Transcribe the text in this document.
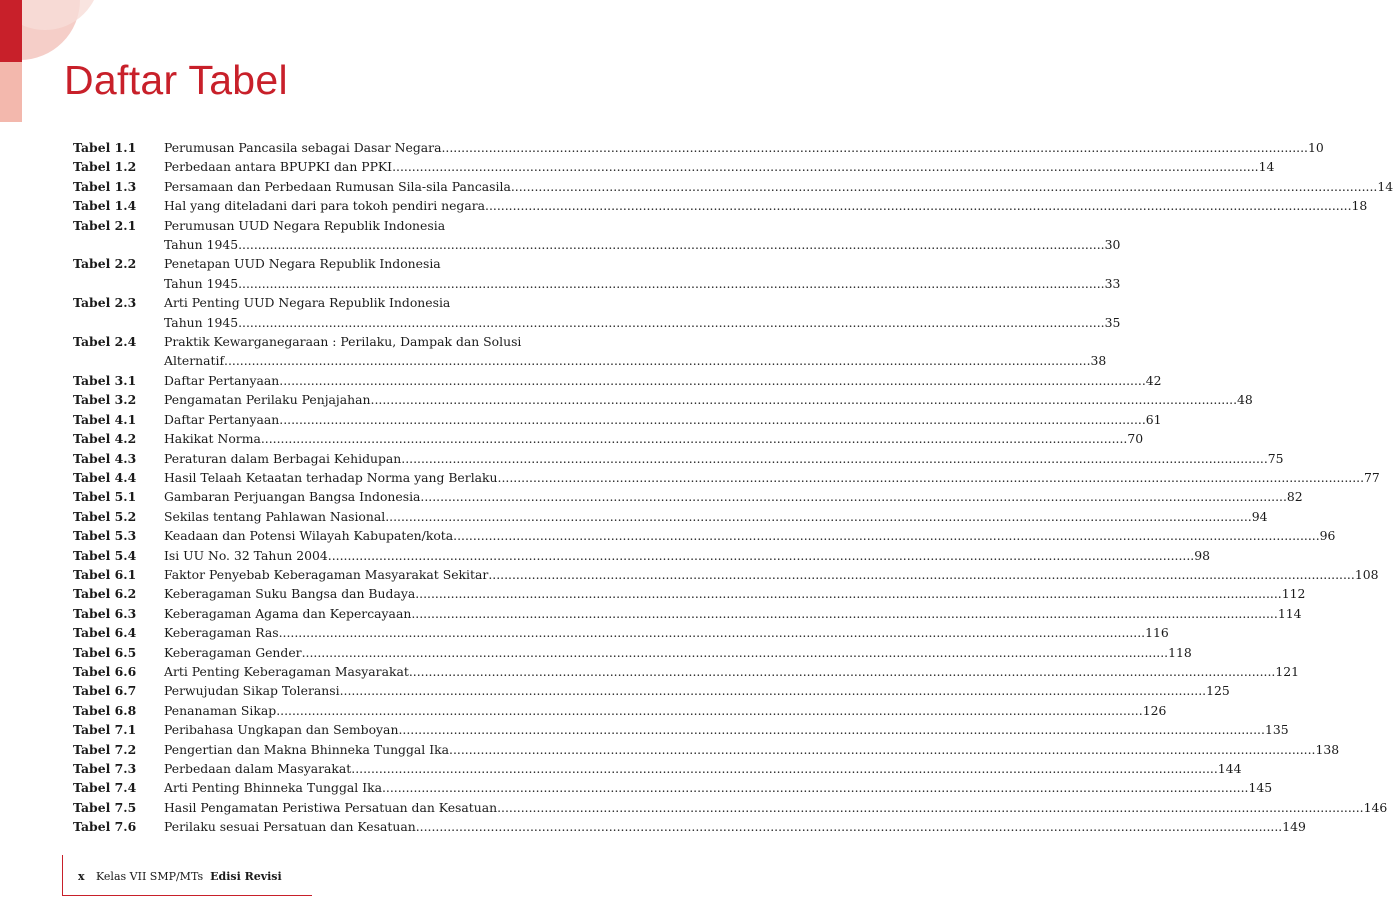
Daftar Tabel
Tabel 1.1	Perumusan Pancasila sebagai Dasar Negara ............................................................................................................................................................................................................................ 10
Tabel 1.2	Perbedaan antara BPUPKI dan PPKI ............................................................................................................................................................................................................................ 14
Tabel 1.3	Persamaan dan Perbedaan Rumusan Sila-sila Pancasila ............................................................................................................................................................................................................................ 14
Tabel 1.4	Hal yang diteladani dari para tokoh pendiri negara ............................................................................................................................................................................................................................ 18
Tabel 2.1	Perumusan UUD Negara Republik Indonesia
Tahun 1945 ............................................................................................................................................................................................................................ 30
Tabel 2.2	Penetapan UUD Negara Republik Indonesia
Tahun 1945 ............................................................................................................................................................................................................................ 33
Tabel 2.3	Arti Penting UUD Negara Republik Indonesia
Tahun 1945 ............................................................................................................................................................................................................................ 35
Tabel 2.4	Praktik Kewarganegaraan : Perilaku, Dampak dan Solusi
Alternatif ............................................................................................................................................................................................................................ 38
Tabel 3.1	Daftar Pertanyaan ............................................................................................................................................................................................................................ 42
Tabel 3.2	Pengamatan Perilaku Penjajahan ............................................................................................................................................................................................................................ 48
Tabel 4.1	Daftar Pertanyaan ............................................................................................................................................................................................................................ 61
Tabel 4.2	Hakikat Norma ............................................................................................................................................................................................................................ 70
Tabel 4.3	Peraturan dalam Berbagai Kehidupan ............................................................................................................................................................................................................................ 75
Tabel 4.4	Hasil Telaah Ketaatan terhadap Norma yang Berlaku ............................................................................................................................................................................................................................ 77
Tabel 5.1	Gambaran Perjuangan Bangsa Indonesia ............................................................................................................................................................................................................................ 82
Tabel 5.2	Sekilas tentang Pahlawan Nasional ............................................................................................................................................................................................................................ 94
Tabel 5.3	Keadaan dan Potensi Wilayah Kabupaten/kota ............................................................................................................................................................................................................................ 96
Tabel 5.4	Isi UU No. 32 Tahun 2004 ............................................................................................................................................................................................................................ 98
Tabel 6.1	Faktor Penyebab Keberagaman Masyarakat Sekitar ............................................................................................................................................................................................................................ 108
Tabel 6.2	Keberagaman Suku Bangsa dan Budaya ............................................................................................................................................................................................................................ 112
Tabel 6.3	Keberagaman Agama dan Kepercayaan ............................................................................................................................................................................................................................ 114
Tabel 6.4	Keberagaman Ras ............................................................................................................................................................................................................................ 116
Tabel 6.5	Keberagaman Gender ............................................................................................................................................................................................................................ 118
Tabel 6.6	Arti Penting Keberagaman Masyarakat ............................................................................................................................................................................................................................ 121
Tabel 6.7	Perwujudan Sikap Toleransi ............................................................................................................................................................................................................................ 125
Tabel 6.8	Penanaman Sikap ............................................................................................................................................................................................................................ 126
Tabel 7.1	Peribahasa Ungkapan dan Semboyan ............................................................................................................................................................................................................................ 135
Tabel 7.2	Pengertian dan Makna Bhinneka Tunggal Ika ............................................................................................................................................................................................................................ 138
Tabel 7.3	Perbedaan dalam Masyarakat ............................................................................................................................................................................................................................ 144
Tabel 7.4	Arti Penting Bhinneka Tunggal Ika ............................................................................................................................................................................................................................ 145
Tabel 7.5	Hasil Pengamatan Peristiwa Persatuan dan Kesatuan ............................................................................................................................................................................................................................ 146
Tabel 7.6	Perilaku sesuai Persatuan dan Kesatuan ............................................................................................................................................................................................................................ 149
x Kelas VII SMP/MTs Edisi Revisi
